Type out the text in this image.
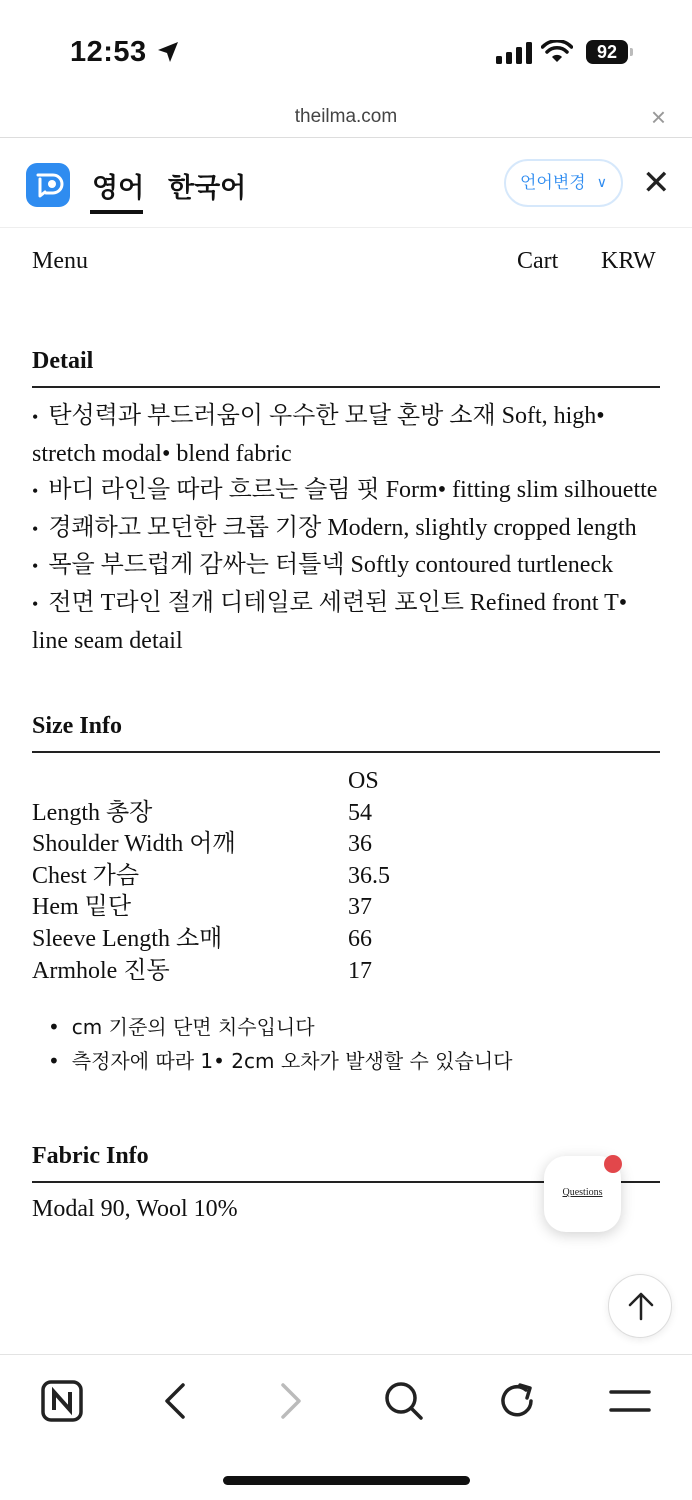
12:53	92
theilma.com	×
영어 한국어	언어변경 ∨ ✕
Menu	Cart KRW
Detail
• 탄성력과 부드러움이 우수한 모달 혼방 소재 Soft, high• stretch modal• blend fabric
• 바디 라인을 따라 흐르는 슬림 핏 Form• fitting slim silhouette
• 경쾌하고 모던한 크롭 기장 Modern, slightly cropped length
• 목을 부드럽게 감싸는 터틀넥 Softly contoured turtleneck
• 전면 T라인 절개 디테일로 세련된 포인트 Refined front T• line seam detail
Size Info
OS
Length 총장	54
Shoulder Width 어깨	36
Chest 가슴	36.5
Hem 밑단	37
Sleeve Length 소매	66
Armhole 진동	17
• cm 기준의 단면 치수입니다
• 측정자에 따라 1• 2cm 오차가 발생할 수 있습니다
Fabric Info
Modal 90, Wool 10%
Questions
